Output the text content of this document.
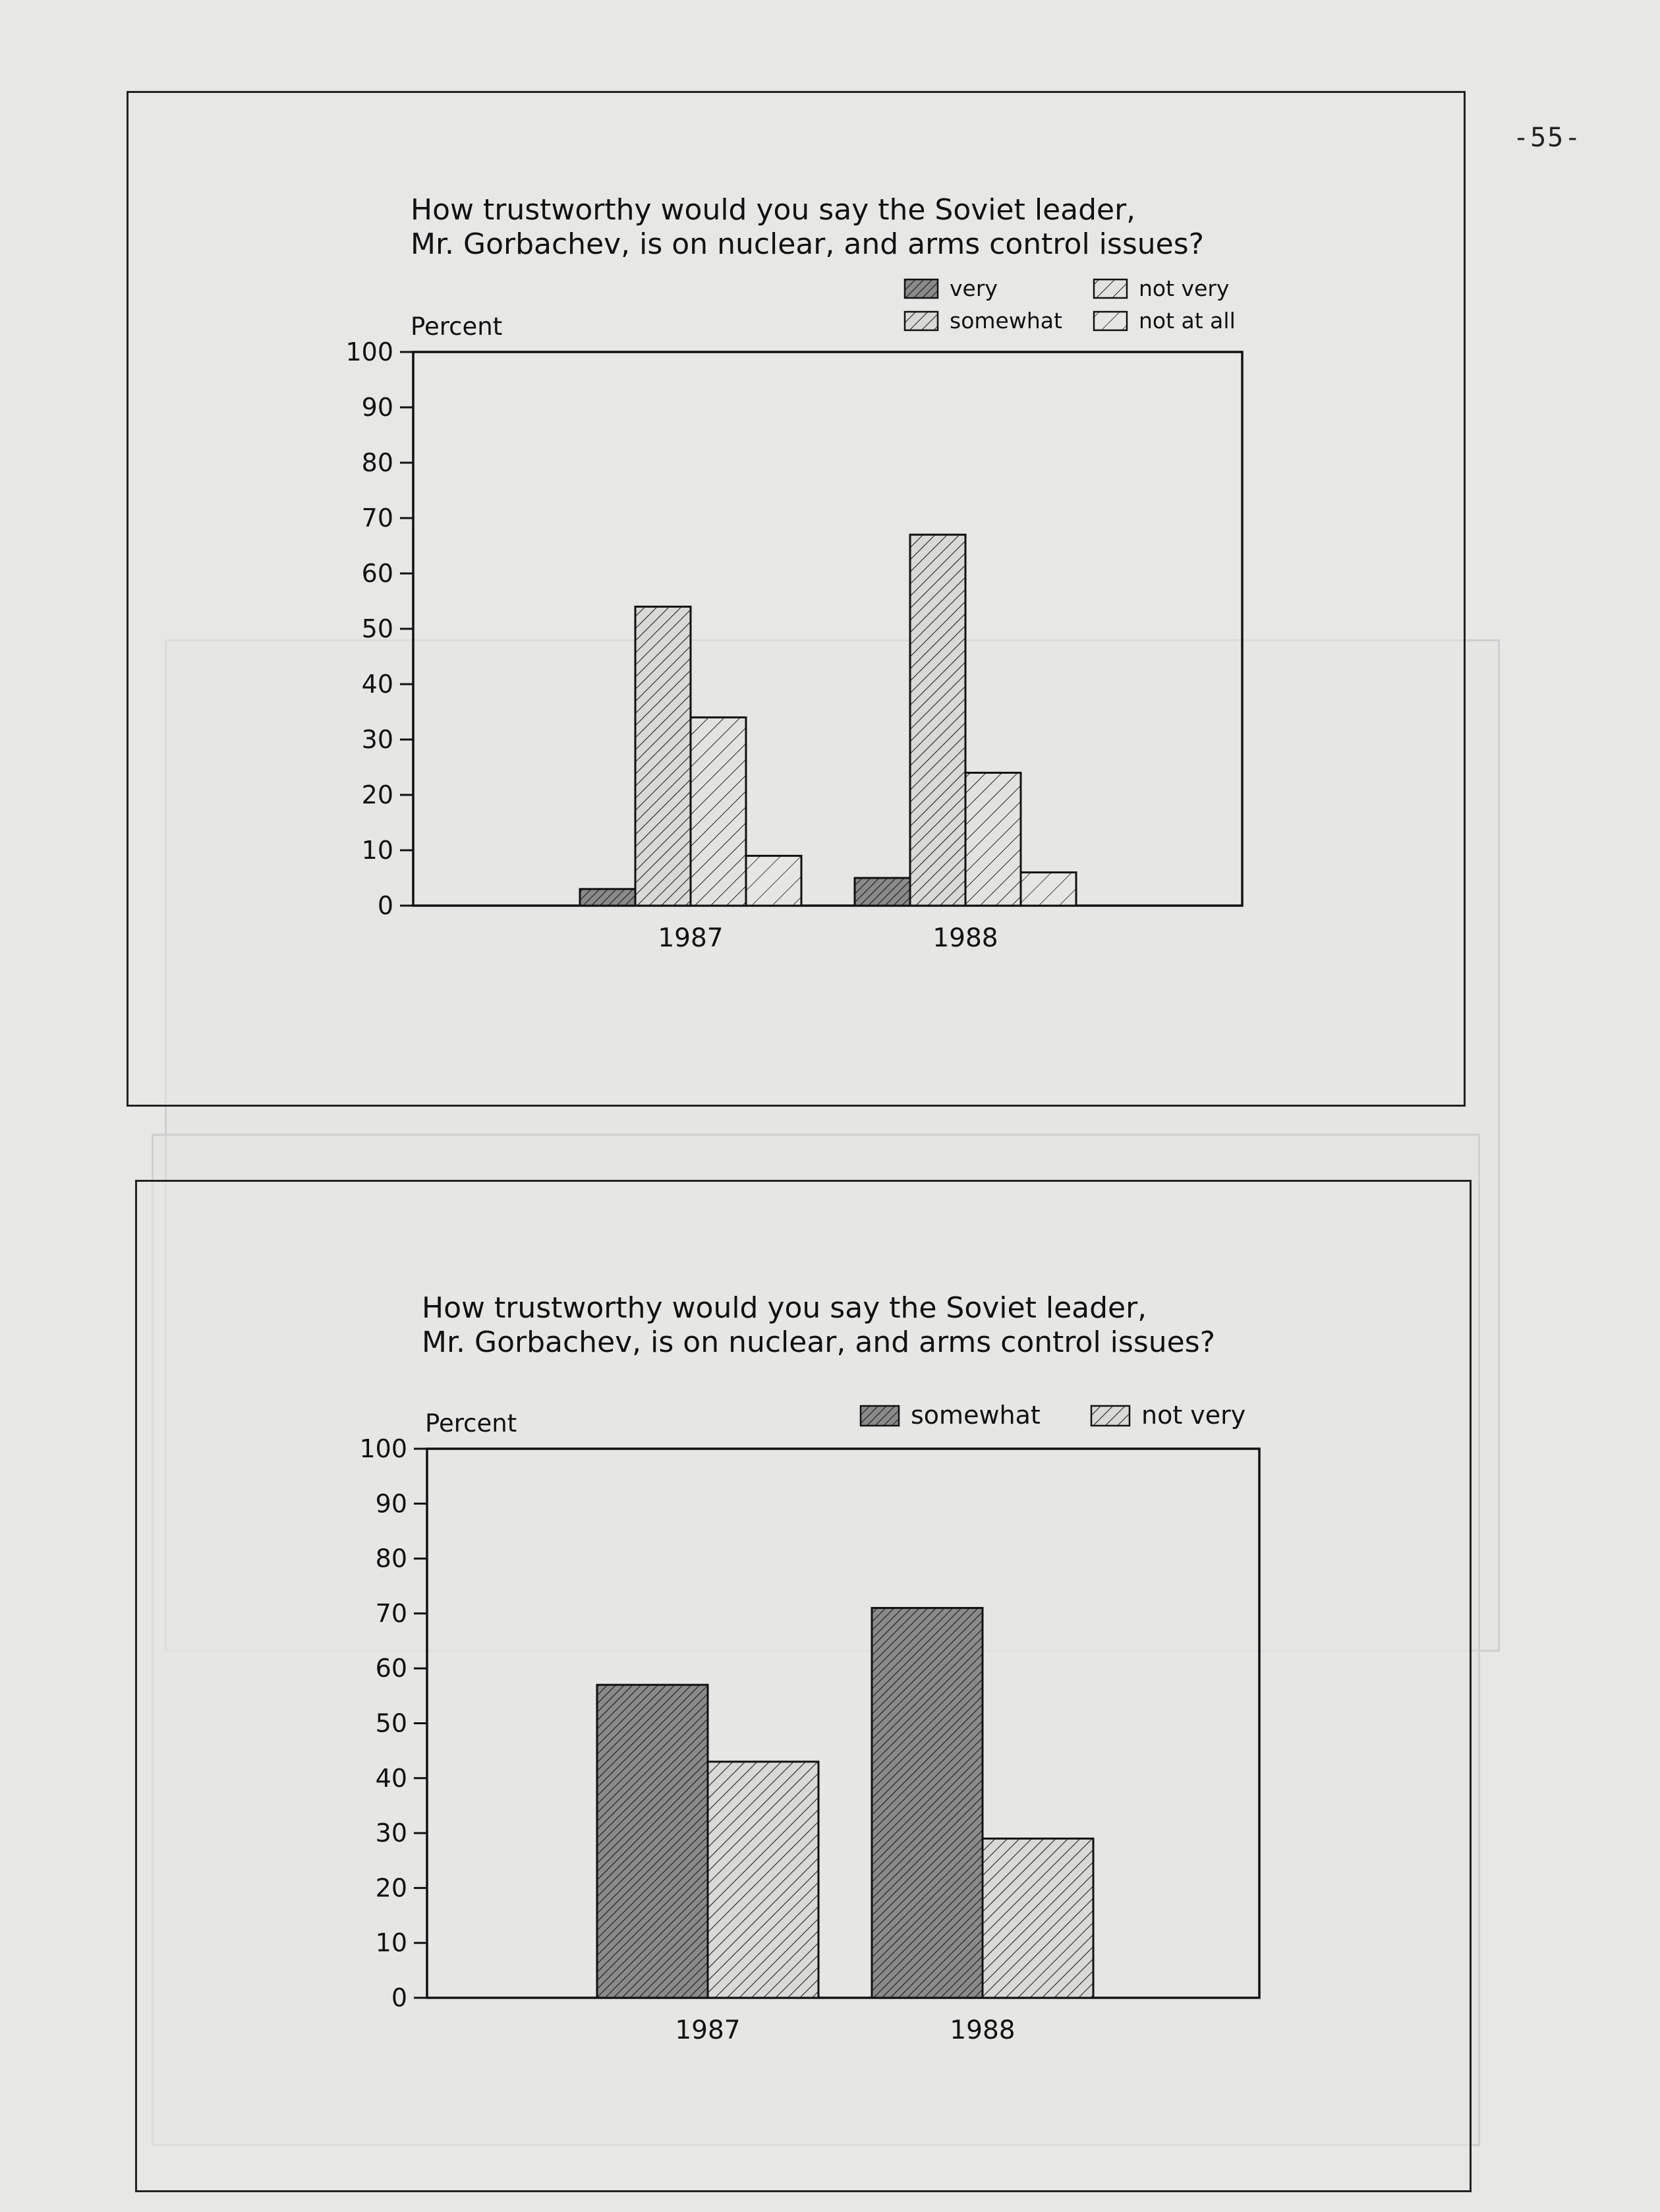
-55-
How trustworthy would you say the Soviet leader,
Mr. Gorbachev, is on nuclear, and arms control issues?
Percent
0
10
20
30
40
50
60
70
80
90
100
1987	1988
very
somewhat
not very
not at all
How trustworthy would you say the Soviet leader,
Mr. Gorbachev, is on nuclear, and arms control issues?
Percent
0
10
20
30
40
50
60
70
80
90
100
1987	1988
somewhat	not very
